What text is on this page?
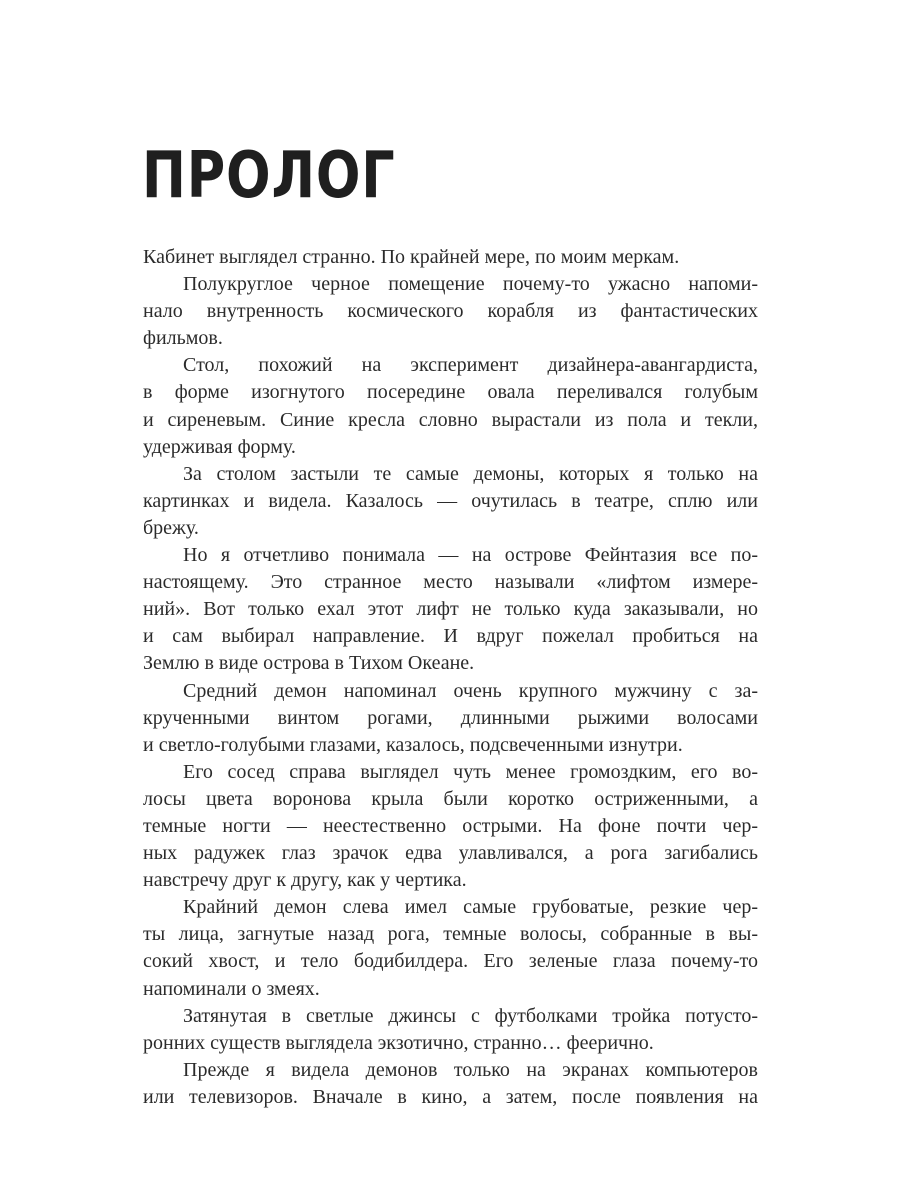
ПРОЛОГ
Кабинет выглядел странно. По крайней мере, по моим меркам.
Полукруглое черное помещение почему-то ужасно напоми-
нало внутренность космического корабля из фантастических
фильмов.
Стол, похожий на эксперимент дизайнера-авангардиста,
в форме изогнутого посередине овала переливался голубым
и сиреневым. Синие кресла словно вырастали из пола и текли,
удерживая форму.
За столом застыли те самые демоны, которых я только на
картинках и видела. Казалось — очутилась в театре, сплю или
брежу.
Но я отчетливо понимала — на острове Фейнтазия все по-
настоящему. Это странное место называли «лифтом измере-
ний». Вот только ехал этот лифт не только куда заказывали, но
и сам выбирал направление. И вдруг пожелал пробиться на
Землю в виде острова в Тихом Океане.
Средний демон напоминал очень крупного мужчину с за-
крученными винтом рогами, длинными рыжими волосами
и светло-голубыми глазами, казалось, подсвеченными изнутри.
Его сосед справа выглядел чуть менее громоздким, его во-
лосы цвета воронова крыла были коротко остриженными, а
темные ногти — неестественно острыми. На фоне почти чер-
ных радужек глаз зрачок едва улавливался, а рога загибались
навстречу друг к другу, как у чертика.
Крайний демон слева имел самые грубоватые, резкие чер-
ты лица, загнутые назад рога, темные волосы, собранные в вы-
сокий хвост, и тело бодибилдера. Его зеленые глаза почему-то
напоминали о змеях.
Затянутая в светлые джинсы с футболками тройка потусто-
ронних существ выглядела экзотично, странно… феерично.
Прежде я видела демонов только на экранах компьютеров
или телевизоров. Вначале в кино, а затем, после появления на
